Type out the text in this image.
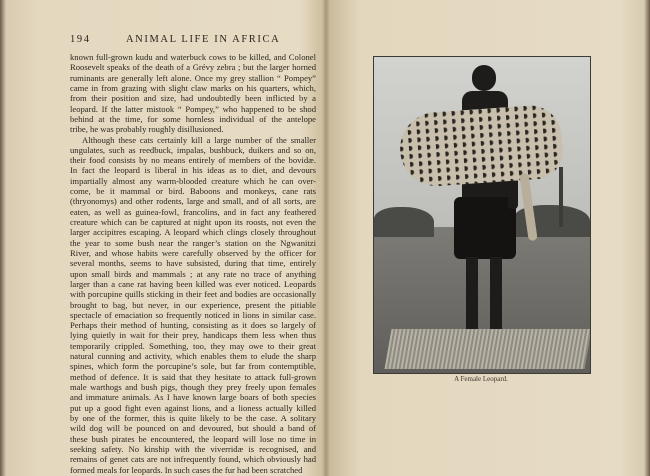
194	ANIMAL LIFE IN AFRICA
known full-grown kudu and waterbuck cows to be killed, and Colonel
Roosevelt speaks of the death of a Grévy zebra ; but the larger horned
ruminants are generally left alone. Once my grey stallion “ Pompey”
came in from grazing with slight claw marks on his quarters, which,
from their position and size, had undoubtedly been inflicted by a
leopard. If the latter mistook “ Pompey,” who happened to be shod
behind at the time, for some hornless individual of the antelope
tribe, he was probably roughly disillusioned.
Although these cats certainly kill a large number of the smaller
ungulates, such as reedbuck, impalas, bushbuck, duikers and so on,
their food consists by no means entirely of members of the bovidæ.
In fact the leopard is liberal in his ideas as to diet, and devours
impartially almost any warm-blooded creature which he can over-
come, be it mammal or bird. Baboons and monkeys, cane rats
(thryonomys) and other rodents, large and small, and of all sorts, are
eaten, as well as guinea-fowl, francolins, and in fact any feathered
creature which can be captured at night upon its roosts, not even the
larger accipitres escaping. A leopard which clings closely throughout
the year to some bush near the ranger’s station on the Ngwanitzi
River, and whose habits were carefully observed by the officer for
several months, seems to have subsisted, during that time, entirely
upon small birds and mammals ; at any rate no trace of anything
larger than a cane rat having been killed was ever noticed. Leopards
with porcupine quills sticking in their feet and bodies are occasionally
brought to bag, but never, in our experience, present the pitiable
spectacle of emaciation so frequently noticed in lions in similar case.
Perhaps their method of hunting, consisting as it does so largely of
lying quietly in wait for their prey, handicaps them less when thus
temporarily crippled. Something, too, they may owe to their great
natural cunning and activity, which enables them to elude the sharp
spines, which form the porcupine’s sole, but far from contemptible,
method of defence. It is said that they hesitate to attack full-grown
male warthogs and bush pigs, though they prey freely upon females
and immature animals. As I have known large boars of both species
put up a good fight even against lions, and a lioness actually killed
by one of the former, this is quite likely to be the case. A solitary
wild dog will be pounced on and devoured, but should a band of
these bush pirates be encountered, the leopard will lose no time in
seeking safety. No kinship with the viverridæ is recognised, and
remains of genet cats are not infrequently found, which obviously had
formed meals for leopards. In such cases the fur had been scratched
A Female Leopard.
